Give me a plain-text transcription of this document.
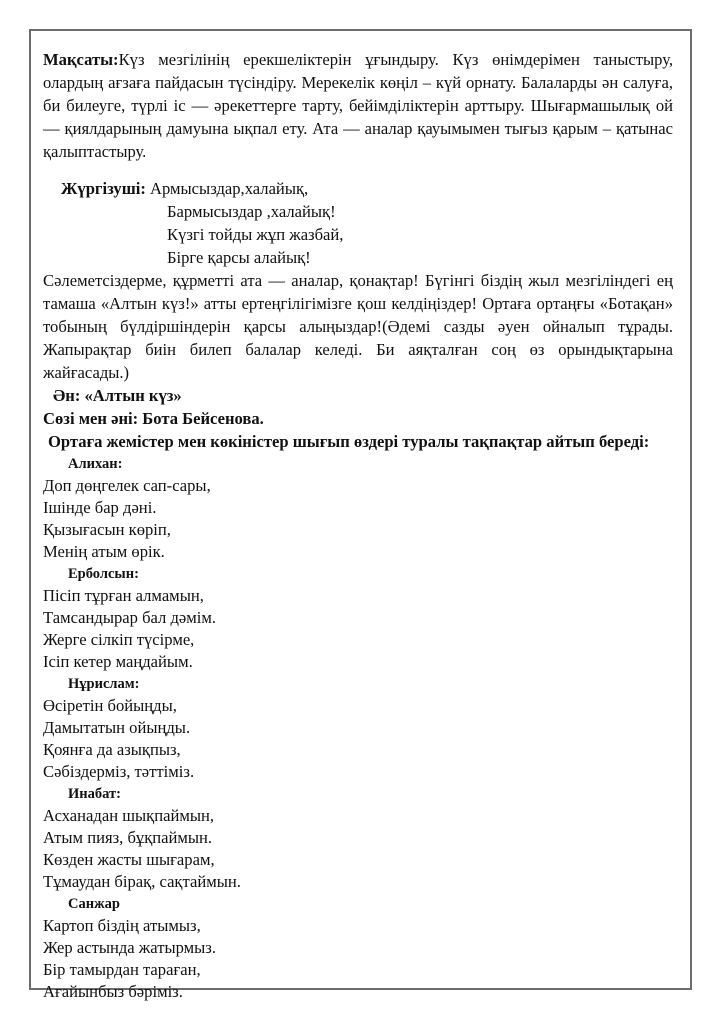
Мақсаты:Күз мезгілінің ерекшеліктерін ұғындыру. Күз өнімдерімен таныстыру, олардың ағзаға пайдасын түсіндіру. Мерекелік көңіл – күй орнату. Балаларды ән салуға, би билеуге, түрлі іс — әрекеттерге тарту, бейімділіктерін арттыру. Шығармашылық ой — қиялдарының дамуына ықпал ету. Ата — аналар қауымымен тығыз қарым – қатынас қалыптастыру.

Жүргізуші: Армысыздар,халайық,
Бармысыздар ,халайық!
Күзгі тойды жұп жазбай,
Бірге қарсы алайық!

Сәлеметсіздерме, құрметті ата — аналар, қонақтар! Бүгінгі біздің жыл мезгіліндегі ең тамаша «Алтын күз!» атты ертеңгілігімізге қош келдіңіздер! Ортаға ортаңғы «Ботақан» тобының бүлдіршіндерін қарсы алыңыздар!(Әдемі сазды әуен ойналып тұрады. Жапырақтар биін билеп балалар келеді. Би аяқталған соң өз орындықтарына жайғасады.)

Ән: «Алтын күз»
Сөзі мен әні: Бота Бейсенова.
Ортаға жемістер мен көкіністер шығып өздері туралы тақпақтар айтып береді:
Алихан:
Доп дөңгелек сап-сары,
Ішінде бар дәні.
Қызығасын көріп,
Менің атым өрік.
Ерболсын:
Пісіп тұрған алмамын,
Тамсандырар бал дәмім.
Жерге сілкіп түсірме,
Ісіп кетер маңдайым.
Нұрислам:
Өсіретін бойыңды,
Дамытатын ойыңды.
Қоянға да азықпыз,
Сәбіздерміз, тәттіміз.
Инабат:
Асханадан шықпаймын,
Атым пияз, бұқпаймын.
Көзден жасты шығарам,
Тұмаудан бірақ, сақтаймын.
Санжар
Картоп біздің атымыз,
Жер астында жатырмыз.
Бір тамырдан тараған,
Ағайынбыз бәріміз.
